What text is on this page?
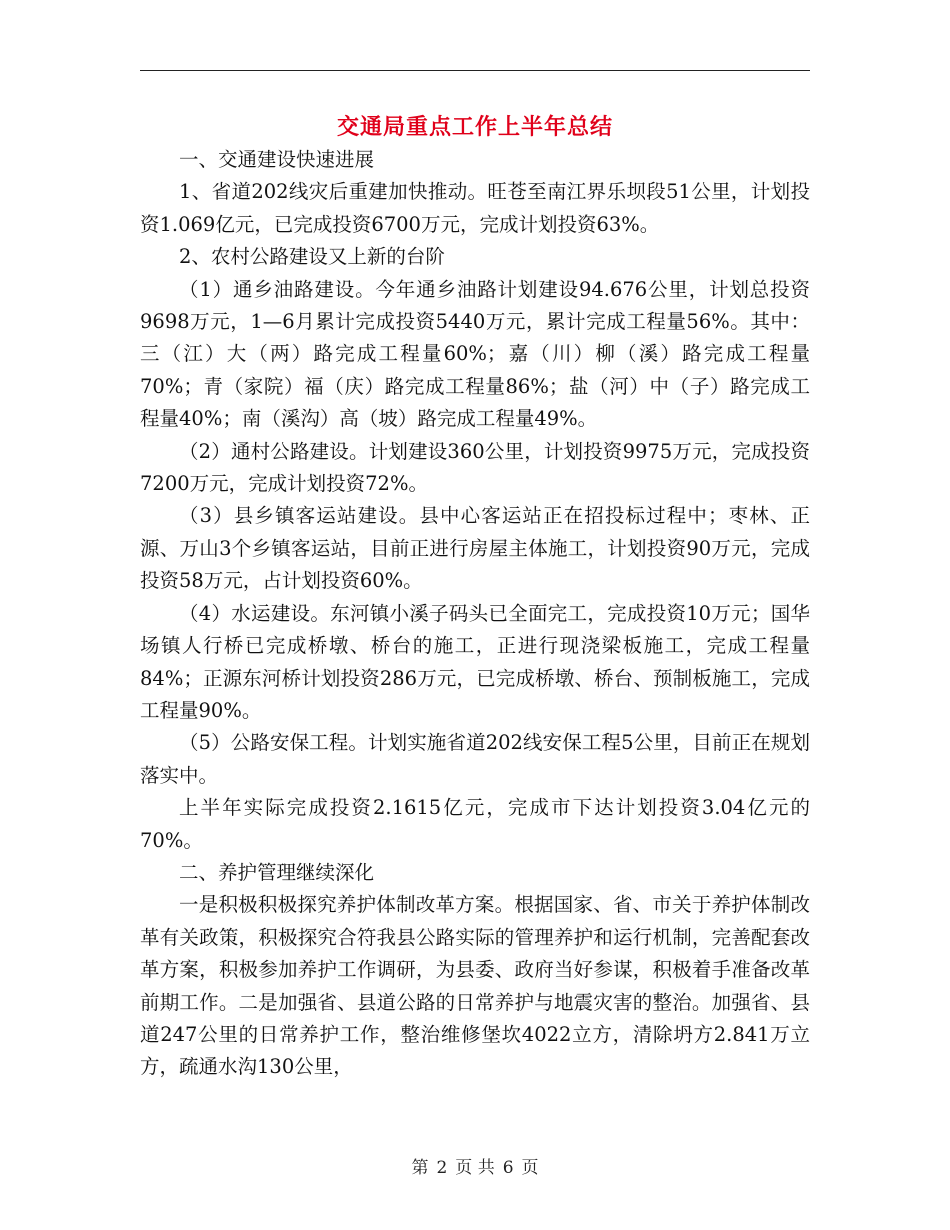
交通局重点工作上半年总结

一、交通建设快速进展

1、省道202线灾后重建加快推动。旺苍至南江界乐坝段51公里，计划投资1.069亿元，已完成投资6700万元，完成计划投资63%。

2、农村公路建设又上新的台阶

（1）通乡油路建设。今年通乡油路计划建设94.676公里，计划总投资9698万元，1—6月累计完成投资5440万元，累计完成工程量56%。其中：三（江）大（两）路完成工程量60%；嘉（川）柳（溪）路完成工程量70%；青（家院）福（庆）路完成工程量86%；盐（河）中（子）路完成工程量40%；南（溪沟）高（坡）路完成工程量49%。

（2）通村公路建设。计划建设360公里，计划投资9975万元，完成投资7200万元，完成计划投资72%。

（3）县乡镇客运站建设。县中心客运站正在招投标过程中；枣林、正源、万山3个乡镇客运站，目前正进行房屋主体施工，计划投资90万元，完成投资58万元，占计划投资60%。

（4）水运建设。东河镇小溪子码头已全面完工，完成投资10万元；国华场镇人行桥已完成桥墩、桥台的施工，正进行现浇梁板施工，完成工程量84%；正源东河桥计划投资286万元，已完成桥墩、桥台、预制板施工，完成工程量90%。

（5）公路安保工程。计划实施省道202线安保工程5公里，目前正在规划落实中。

上半年实际完成投资2.1615亿元，完成市下达计划投资3.04亿元的70%。

二、养护管理继续深化

一是积极积极探究养护体制改革方案。根据国家、省、市关于养护体制改革有关政策，积极探究合符我县公路实际的管理养护和运行机制，完善配套改革方案，积极参加养护工作调研，为县委、政府当好参谋，积极着手准备改革前期工作。二是加强省、县道公路的日常养护与地震灾害的整治。加强省、县道247公里的日常养护工作，整治维修堡坎4022立方，清除坍方2.841万立方，疏通水沟130公里，

第 2 页 共 6 页
